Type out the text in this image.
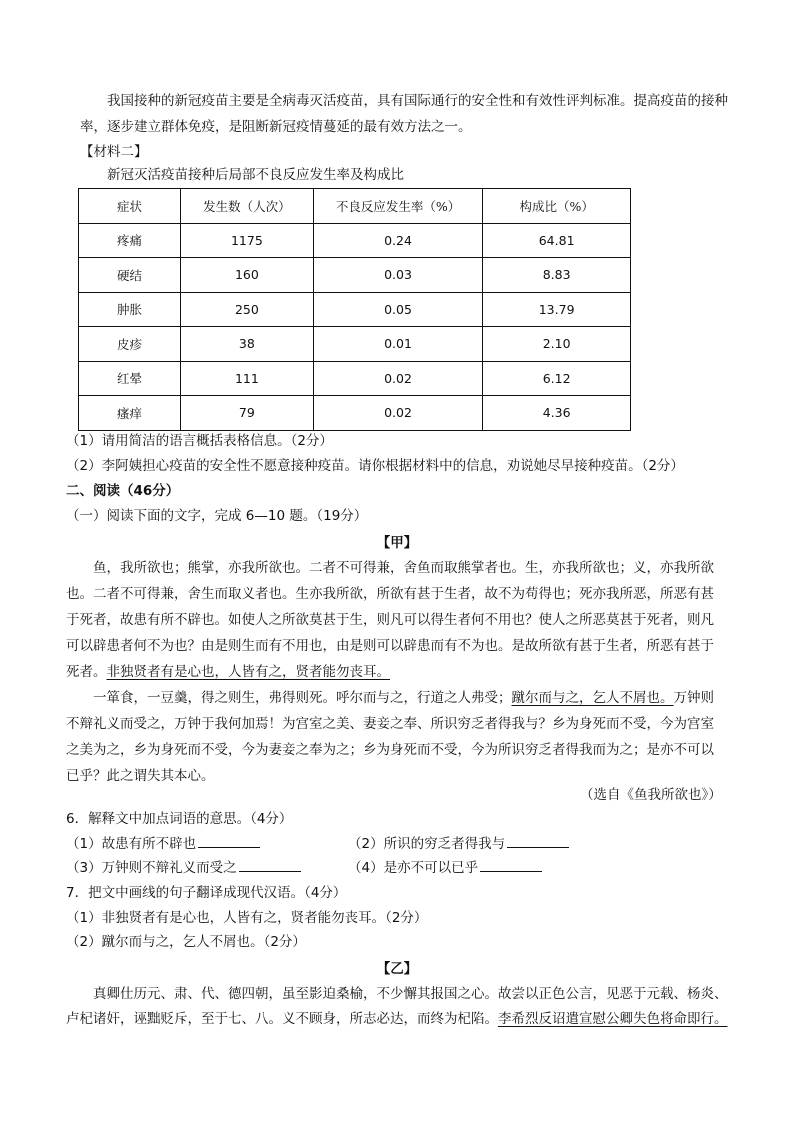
我国接种的新冠疫苗主要是全病毒灭活疫苗，具有国际通行的安全性和有效性评判标准。提高疫苗的接种

率，逐步建立群体免疫，是阻断新冠疫情蔓延的最有效方法之一。

【材料二】

新冠灭活疫苗接种后局部不良反应发生率及构成比

症状	发生数（人次）	不良反应发生率（%）	构成比（%）
疼痛	1175	0.24	64.81
硬结	160	0.03	8.83
肿胀	250	0.05	13.79
皮疹	38	0.01	2.10
红晕	111	0.02	6.12
瘙痒	79	0.02	4.36

（1）请用简洁的语言概括表格信息。（2分）

（2）李阿姨担心疫苗的安全性不愿意接种疫苗。请你根据材料中的信息，劝说她尽早接种疫苗。（2分）

二、阅读（46分）

（一）阅读下面的文字，完成 6—10 题。（19分）

【甲】

鱼，我所欲也；熊掌，亦我所欲也。二者不可得兼，舍鱼而取熊掌者也。生，亦我所欲也；义，亦我所欲

也。二者不可得兼，舍生而取义者也。生亦我所欲，所欲有甚于生者，故不为苟得也；死亦我所恶，所恶有甚

于死者，故患有所不辟也。如使人之所欲莫甚于生，则凡可以得生者何不用也？使人之所恶莫甚于死者，则凡

可以辟患者何不为也？由是则生而有不用也，由是则可以辟患而有不为也。是故所欲有甚于生者，所恶有甚于

死者。非独贤者有是心也，人皆有之，贤者能勿丧耳。

一箪食，一豆羹，得之则生，弗得则死。呼尔而与之，行道之人弗受；蹴尔而与之，乞人不屑也。万钟则

不辩礼义而受之，万钟于我何加焉！为宫室之美、妻妾之奉、所识穷乏者得我与？乡为身死而不受，今为宫室

之美为之，乡为身死而不受，今为妻妾之奉为之；乡为身死而不受，今为所识穷乏者得我而为之；是亦不可以

已乎？此之谓失其本心。

（选自《鱼我所欲也》）

6．解释文中加点词语的意思。（4分）

（1）故患有所不辟也	（2）所识的穷乏者得我与

（3）万钟则不辩礼义而受之	（4）是亦不可以已乎

7．把文中画线的句子翻译成现代汉语。（4分）

（1）非独贤者有是心也，人皆有之，贤者能勿丧耳。（2分）

（2）蹴尔而与之，乞人不屑也。（2分）

【乙】

真卿仕历元、肃、代、德四朝，虽至影迫桑榆，不少懈其报国之心。故尝以正色公言，见恶于元载、杨炎、

卢杞诸奸，诬黜贬斥，至于七、八。义不顾身，所志必达，而终为杞陷。李希烈反诏遣宣慰公卿失色将命即行。
